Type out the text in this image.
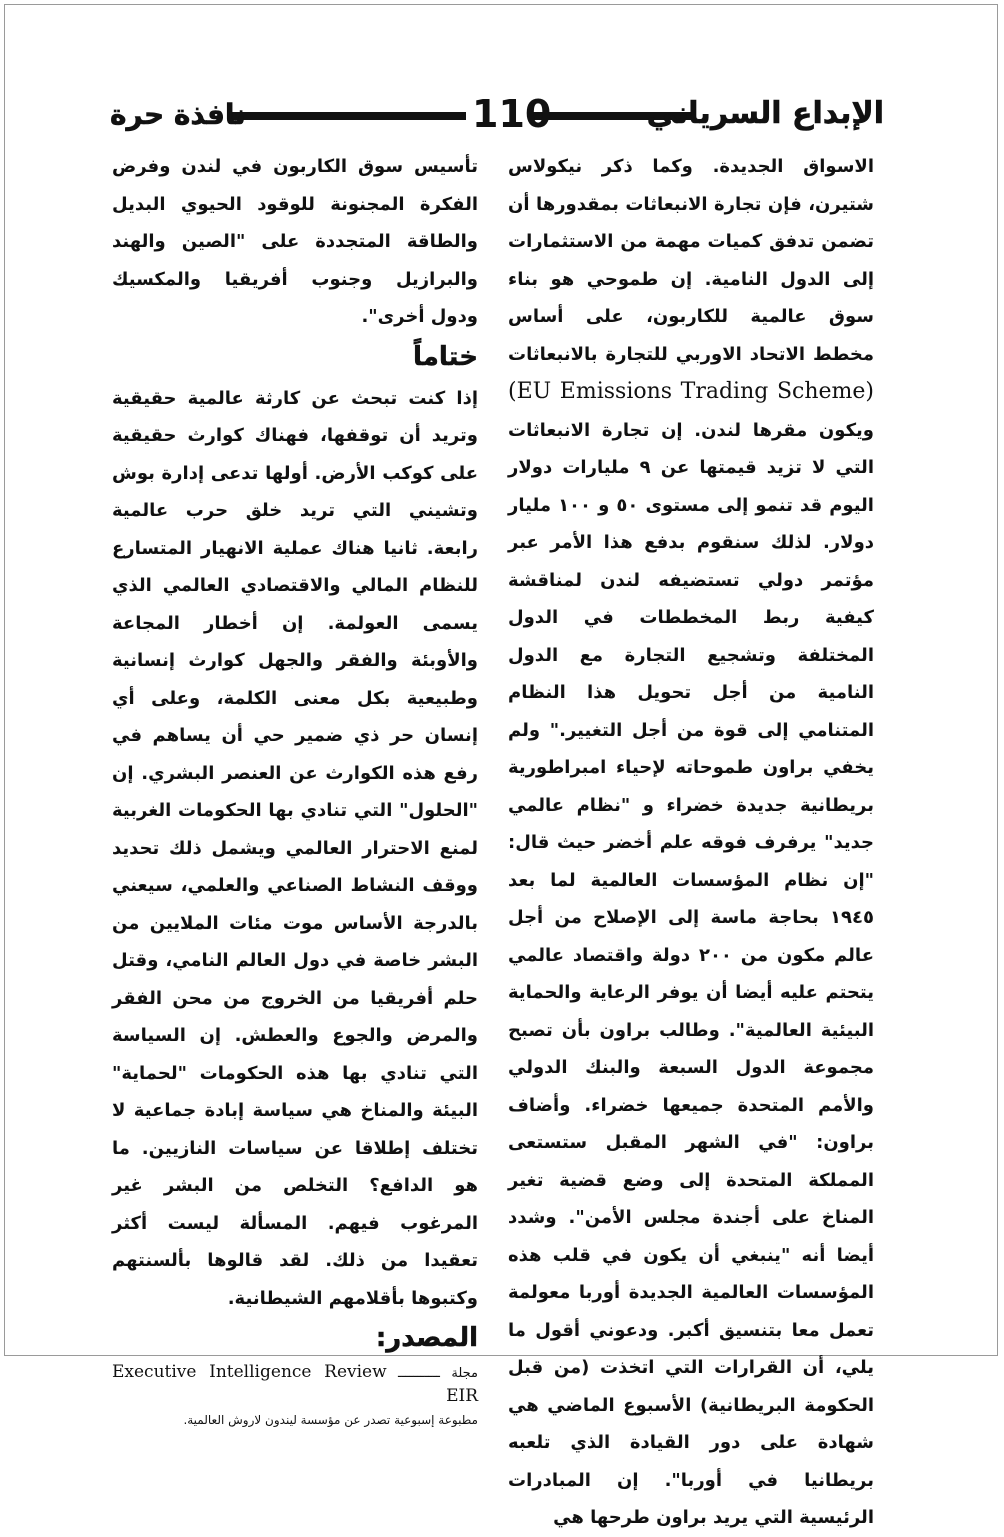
الإبداع السرياني
110
نافذة حرة

الاسواق الجديدة. وكما ذكر نيكولاس شتيرن، فإن تجارة الانبعاثات بمقدورها أن تضمن تدفق كميات مهمة من الاستثمارات إلى الدول النامية. إن طموحي هو بناء سوق عالمية للكاربون، على أساس مخطط الاتحاد الاوربي للتجارة بالانبعاثات (EU Emissions Trading Scheme) ويكون مقرها لندن. إن تجارة الانبعاثات التي لا تزيد قيمتها عن ٩ مليارات دولار اليوم قد تنمو إلى مستوى ٥٠ و ١٠٠ مليار دولار. لذلك سنقوم بدفع هذا الأمر عبر مؤتمر دولي تستضيفه لندن لمناقشة كيفية ربط المخططات في الدول المختلفة وتشجيع التجارة مع الدول النامية من أجل تحويل هذا النظام المتنامي إلى قوة من أجل التغيير." ولم يخفي براون طموحاته لإحياء امبراطورية بريطانية جديدة خضراء و "نظام عالمي جديد" يرفرف فوقه علم أخضر حيث قال: "إن نظام المؤسسات العالمية لما بعد ١٩٤٥ بحاجة ماسة إلى الإصلاح من أجل عالم مكون من ٢٠٠ دولة واقتصاد عالمي يتحتم عليه أيضا أن يوفر الرعاية والحماية البيئية العالمية". وطالب براون بأن تصبح مجموعة الدول السبعة والبنك الدولي والأمم المتحدة جميعها خضراء. وأضاف براون: "في الشهر المقبل ستستعى المملكة المتحدة إلى وضع قضية تغير المناخ على أجندة مجلس الأمن". وشدد أيضا أنه "ينبغي أن يكون في قلب هذه المؤسسات العالمية الجديدة أوربا معولمة تعمل معا بتنسيق أكبر. ودعوني أقول ما يلي، أن القرارات التي اتخذت (من قبل الحكومة البريطانية) الأسبوع الماضي هي شهادة على دور القيادة الذي تلعبه بريطانيا في أوربا". إن المبادرات الرئيسية التي يريد براون طرحها هي

تأسيس سوق الكاربون في لندن وفرض الفكرة المجنونة للوقود الحيوي البديل والطاقة المتجددة على "الصين والهند والبرازيل وجنوب أفريقيا والمكسيك ودول أخرى".

ختاماً

إذا كنت تبحث عن كارثة عالمية حقيقية وتريد أن توقفها، فهناك كوارث حقيقية على كوكب الأرض. أولها تدعى إدارة بوش وتشيني التي تريد خلق حرب عالمية رابعة. ثانيا هناك عملية الانهيار المتسارع للنظام المالي والاقتصادي العالمي الذي يسمى العولمة. إن أخطار المجاعة والأوبئة والفقر والجهل كوارث إنسانية وطبيعية بكل معنى الكلمة، وعلى أي إنسان حر ذي ضمير حي أن يساهم في رفع هذه الكوارث عن العنصر البشري. إن "الحلول" التي تنادي بها الحكومات الغربية لمنع الاحترار العالمي ويشمل ذلك تحديد ووقف النشاط الصناعي والعلمي، سيعني بالدرجة الأساس موت مئات الملايين من البشر خاصة في دول العالم النامي، وقتل حلم أفريقيا من الخروج من محن الفقر والمرض والجوع والعطش. إن السياسة التي تنادي بها هذه الحكومات "لحماية" البيئة والمناخ هي سياسة إبادة جماعية لا تختلف إطلاقا عن سياسات النازيين. ما هو الدافع؟ التخلص من البشر غير المرغوب فيهم. المسألة ليست أكثر تعقيدا من ذلك. لقد قالوها بألسنتهم وكتبوها بأقلامهم الشيطانية.

المصدر:

مجلة ـــــــــــ Executive Intelligence Review EIR

مطبوعة إسبوعية تصدر عن مؤسسة ليندون لاروش العالمية.
